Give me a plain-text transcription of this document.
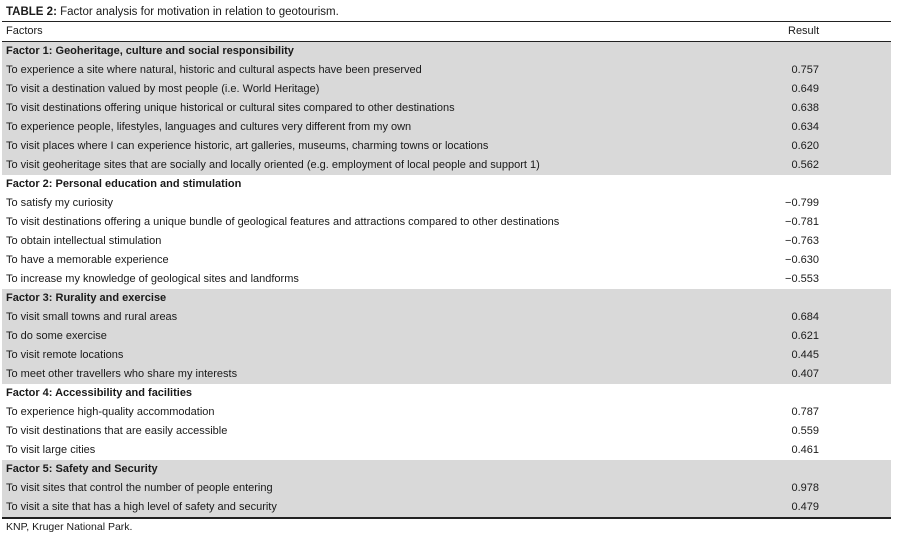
TABLE 2: Factor analysis for motivation in relation to geotourism.
Factors	Result
Factor 1: Geoheritage, culture and social responsibility
To experience a site where natural, historic and cultural aspects have been preserved	0.757
To visit a destination valued by most people (i.e. World Heritage)	0.649
To visit destinations offering unique historical or cultural sites compared to other destinations	0.638
To experience people, lifestyles, languages and cultures very different from my own	0.634
To visit places where I can experience historic, art galleries, museums, charming towns or locations	0.620
To visit geoheritage sites that are socially and locally oriented (e.g. employment of local people and support 1)	0.562
Factor 2: Personal education and stimulation
To satisfy my curiosity	−0.799
To visit destinations offering a unique bundle of geological features and attractions compared to other destinations	−0.781
To obtain intellectual stimulation	−0.763
To have a memorable experience	−0.630
To increase my knowledge of geological sites and landforms	−0.553
Factor 3: Rurality and exercise
To visit small towns and rural areas	0.684
To do some exercise	0.621
To visit remote locations	0.445
To meet other travellers who share my interests	0.407
Factor 4: Accessibility and facilities
To experience high-quality accommodation	0.787
To visit destinations that are easily accessible	0.559
To visit large cities	0.461
Factor 5: Safety and Security
To visit sites that control the number of people entering	0.978
To visit a site that has a high level of safety and security	0.479
KNP, Kruger National Park.
